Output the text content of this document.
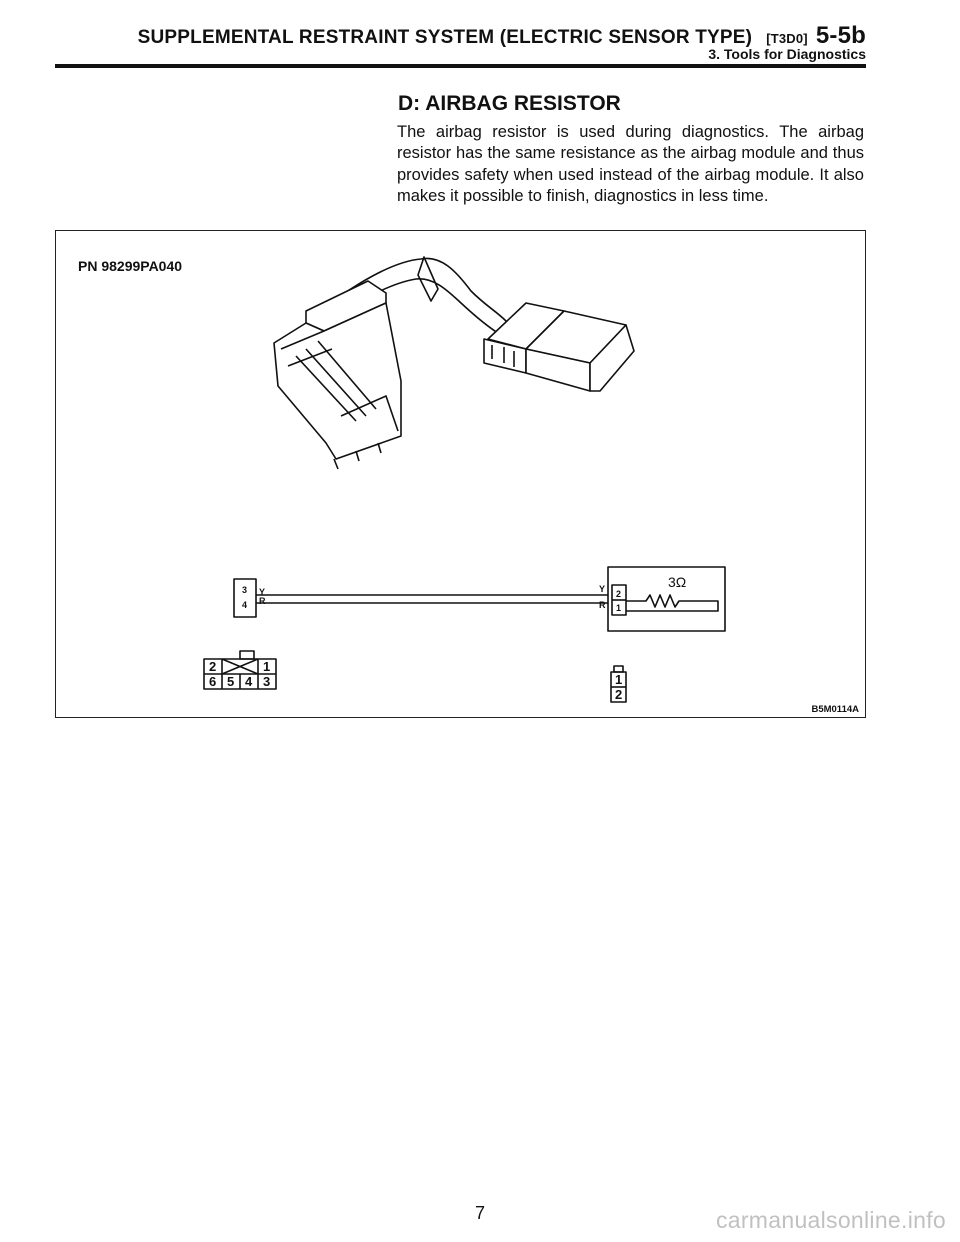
SUPPLEMENTAL RESTRAINT SYSTEM (ELECTRIC SENSOR TYPE) [T3D0] 5-5b
3. Tools for Diagnostics
D: AIRBAG RESISTOR
The airbag resistor is used during diagnostics. The airbag resistor has the same resistance as the airbag module and thus provides safety when used instead of the airbag module. It also makes it possible to finish, diagnostics in less time.
PN 98299PA040
3
4
Y
R
Y
R
2
1
3Ω
2	1
6 5 4 3	1
2
B5M0114A
7	carmanualsonline.info
